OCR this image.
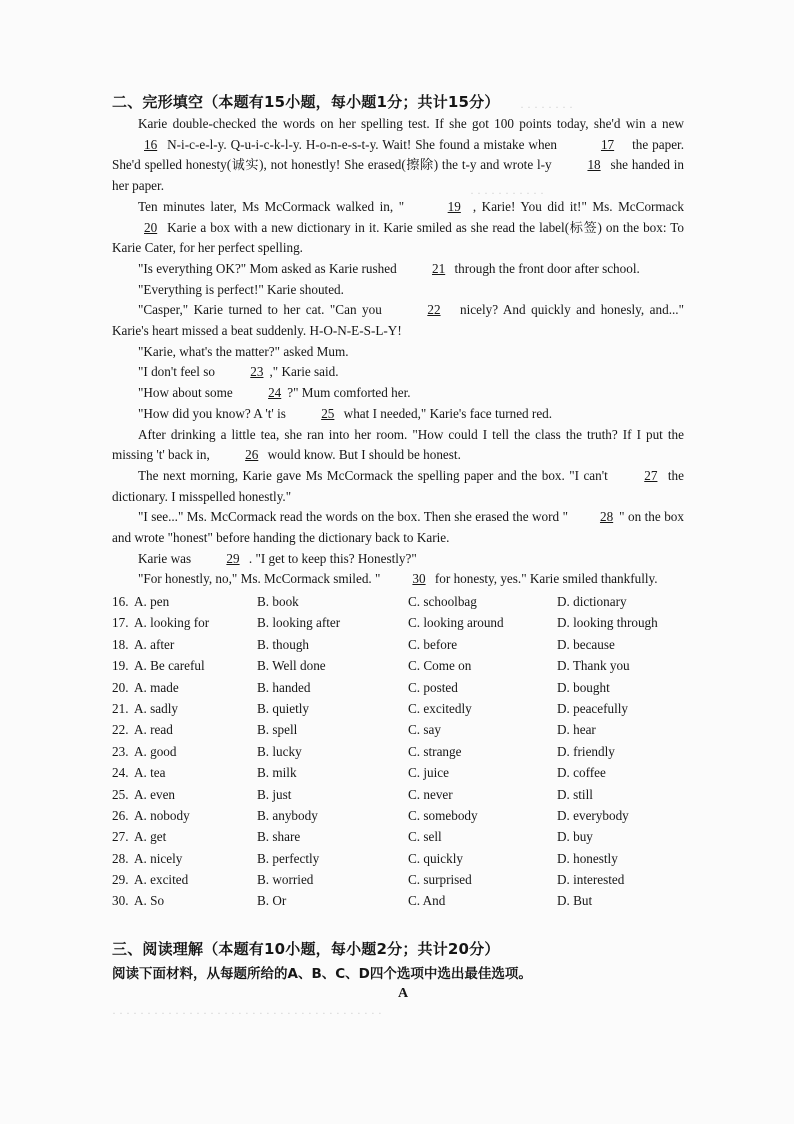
· · · · · · · ·
· · · · · · · · · · ·
二、完形填空（本题有15小题，每小题1分；共计15分）

Karie double-checked the words on her spelling test. If she got 100 points today, she'd win a new 16 N-i-c-e-l-y. Q-u-i-c-k-l-y. H-o-n-e-s-t-y. Wait! She found a mistake when	17 the paper. She'd spelled honesty(诚实), not honestly! She erased(擦除) the t-y and wrote l-y 18 she handed in her paper.

Ten minutes later, Ms McCormack walked in, "	19 , Karie! You did it!" Ms. McCormack 20 Karie a box with a new dictionary in it. Karie smiled as she read the label(标签) on the box: To Karie Cater, for her perfect spelling.

"Is everything OK?" Mom asked as Karie rushed 21 through the front door after school.

"Everything is perfect!" Karie shouted.

"Casper," Karie turned to her cat. "Can you	22 nicely? And quickly and honesly, and..." Karie's heart missed a beat suddenly. H-O-N-E-S-L-Y!

"Karie, what's the matter?" asked Mum.

"I don't feel so 23 ," Karie said.

"How about some 24 ?" Mum comforted her.

"How did you know? A 't' is 25 what I needed," Karie's face turned red.

After drinking a little tea, she ran into her room. "How could I tell the class the truth? If I put the missing 't' back in, 26 would know. But I should be honest.

The next morning, Karie gave Ms McCormack the spelling paper and the box. "I can't 27 the dictionary. I misspelled honestly."

"I see..." Ms. McCormack read the words on the box. Then she erased the word " 28 " on the box and wrote "honest" before handing the dictionary back to Karie.

Karie was 29 . "I get to keep this? Honestly?"

"For honestly, no," Ms. McCormack smiled. " 30 for honesty, yes." Karie smiled thankfully.

16. A. pen	B. book	C. schoolbag	D. dictionary
17. A. looking for	B. looking after	C. looking around	D. looking through
18. A. after	B. though	C. before	D. because
19. A. Be careful	B. Well done	C. Come on	D. Thank you
20. A. made	B. handed	C. posted	D. bought
21. A. sadly	B. quietly	C. excitedly	D. peacefully
22. A. read	B. spell	C. say	D. hear
23. A. good	B. lucky	C. strange	D. friendly
24. A. tea	B. milk	C. juice	D. coffee
25. A. even	B. just	C. never	D. still
26. A. nobody	B. anybody	C. somebody	D. everybody
27. A. get	B. share	C. sell	D. buy
28. A. nicely	B. perfectly	C. quickly	D. honestly
29. A. excited	B. worried	C. surprised	D. interested
30. A. So	B. Or	C. And	D. But
三、阅读理解（本题有10小题，每小题2分；共计20分）
阅读下面材料，从每题所给的A、B、C、D四个选项中选出最佳选项。
A
· · · · · · · · · · · · · · · · · · · · · · · · · · · · · · · · · · · · · · ·
